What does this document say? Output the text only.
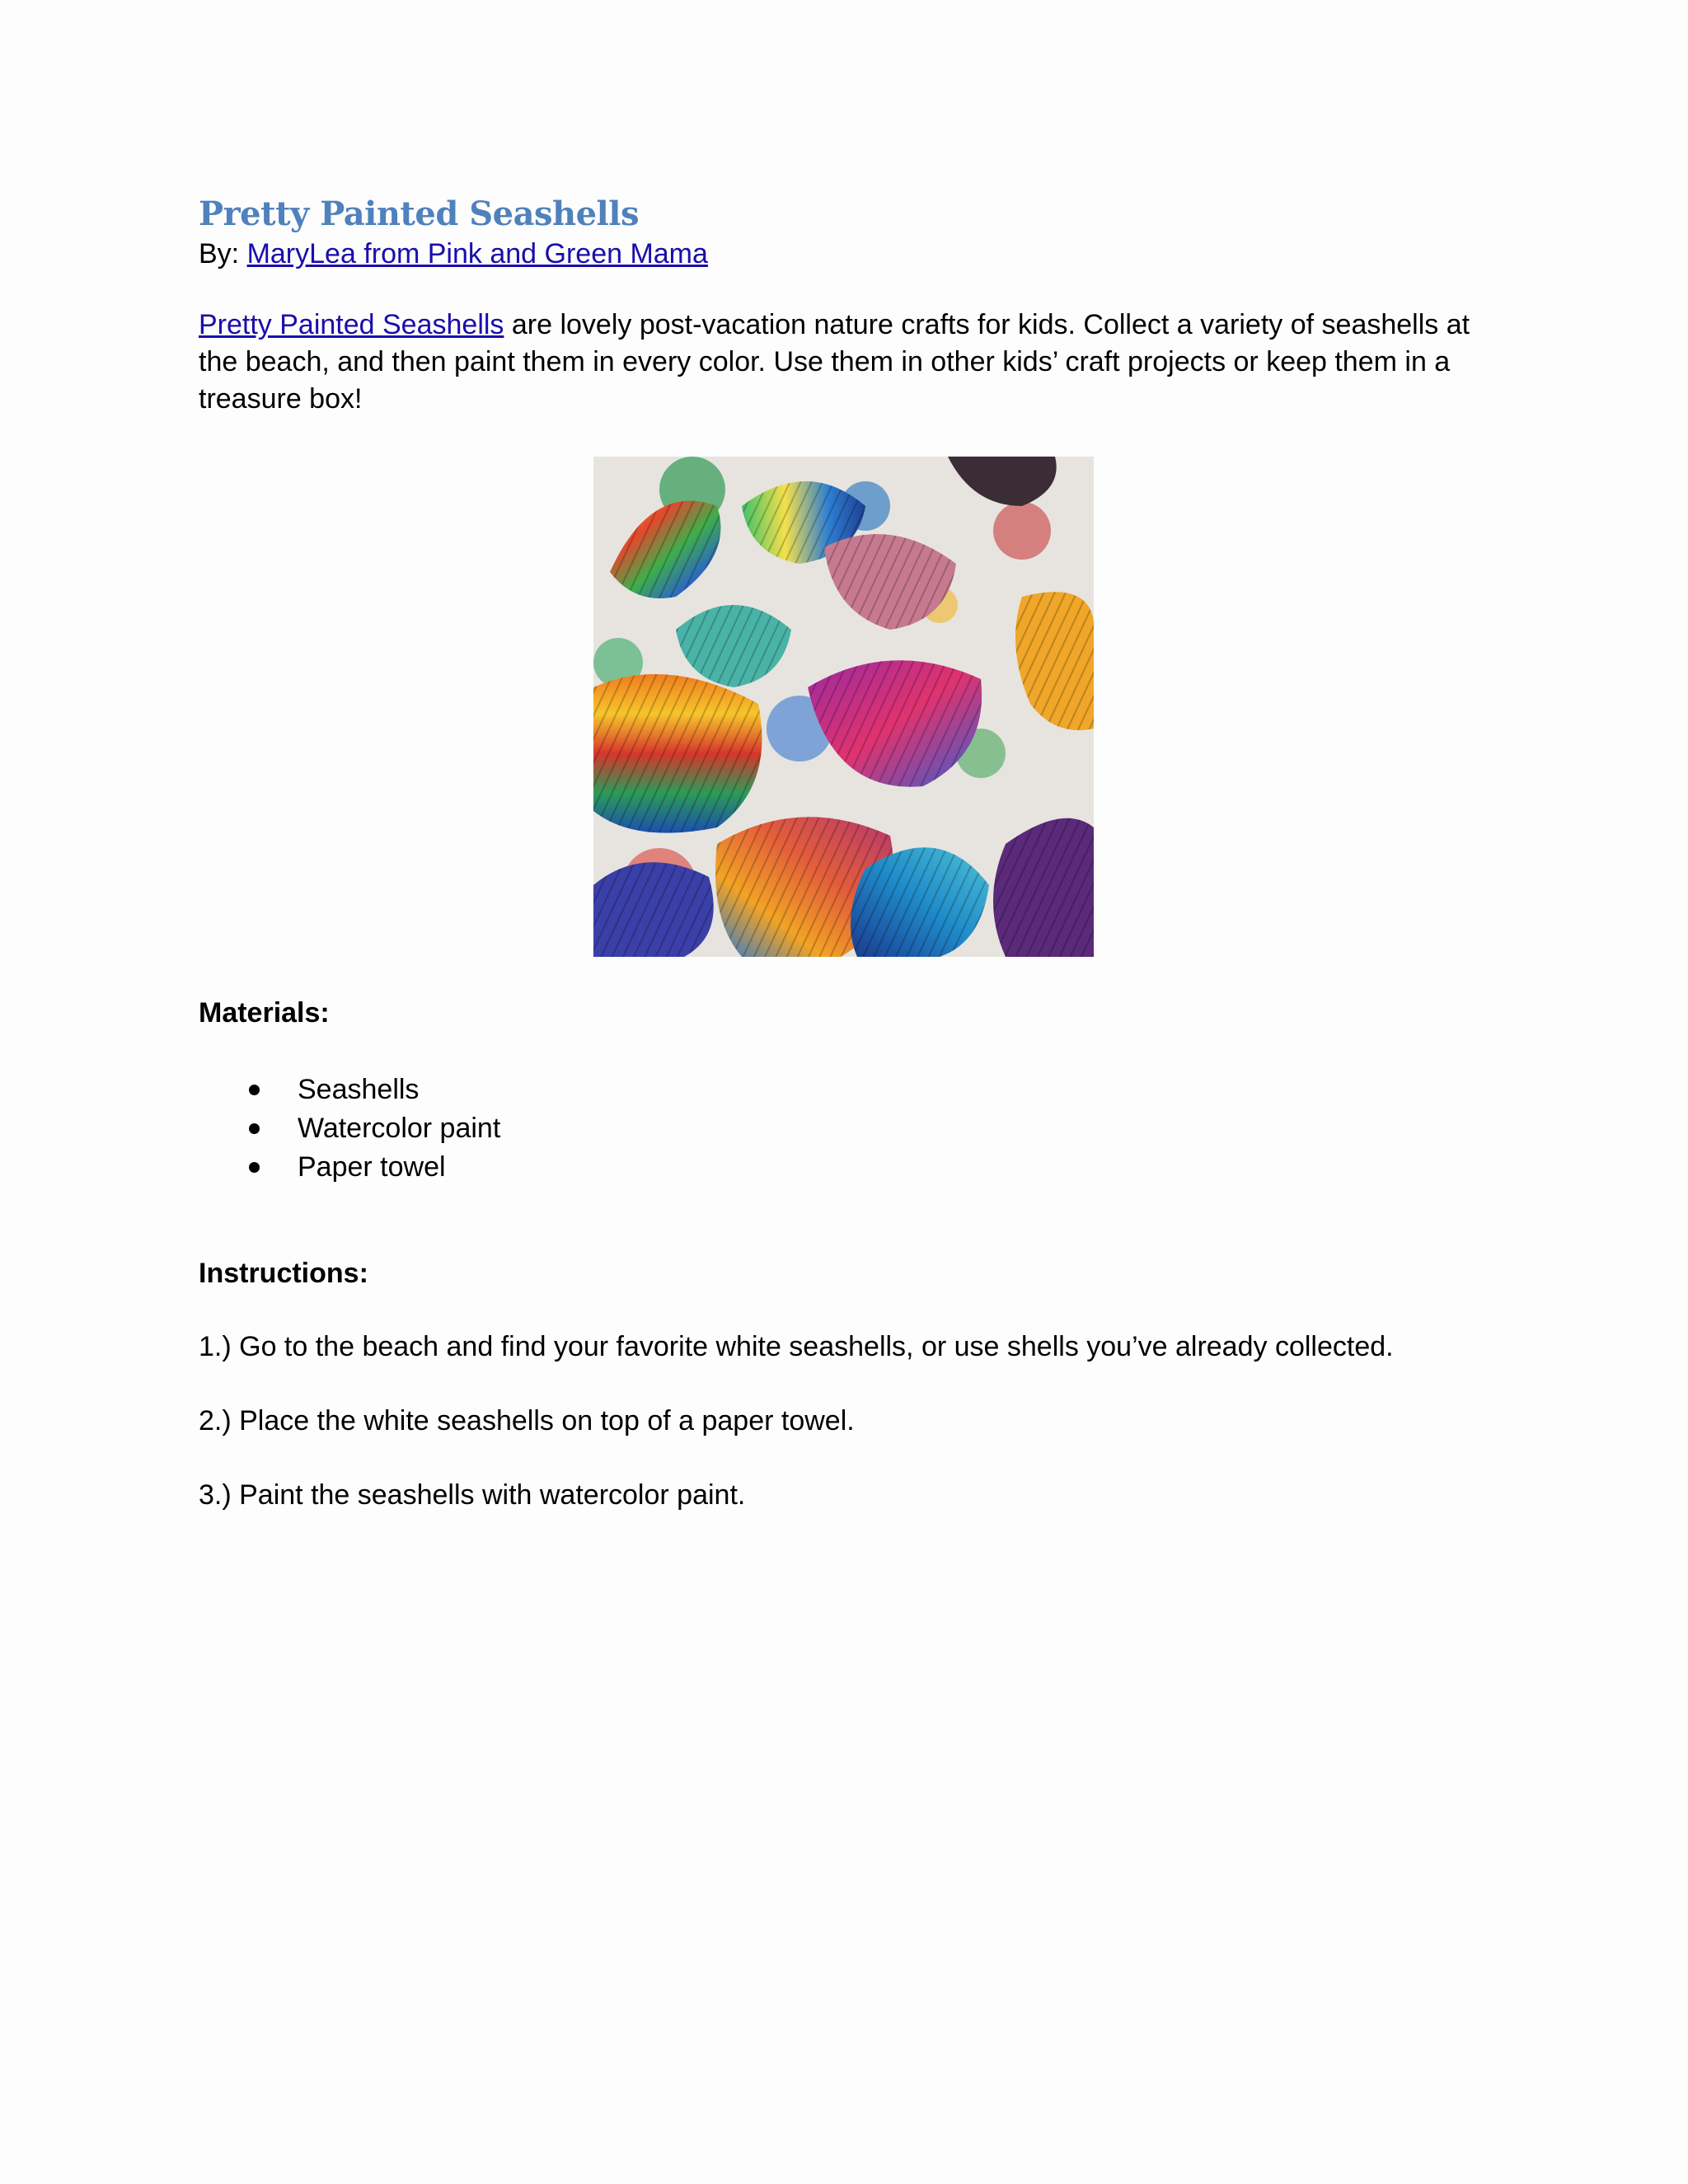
Pretty Painted Seashells

By: MaryLea from Pink and Green Mama

Pretty Painted Seashells are lovely post-vacation nature crafts for kids. Collect a variety of seashells at the beach, and then paint them in every color. Use them in other kids’ craft projects or keep them in a treasure box!

Materials:

Seashells
Watercolor paint
Paper towel

Instructions:

1.) Go to the beach and find your favorite white seashells, or use shells you’ve already collected.
2.) Place the white seashells on top of a paper towel.
3.) Paint the seashells with watercolor paint.
